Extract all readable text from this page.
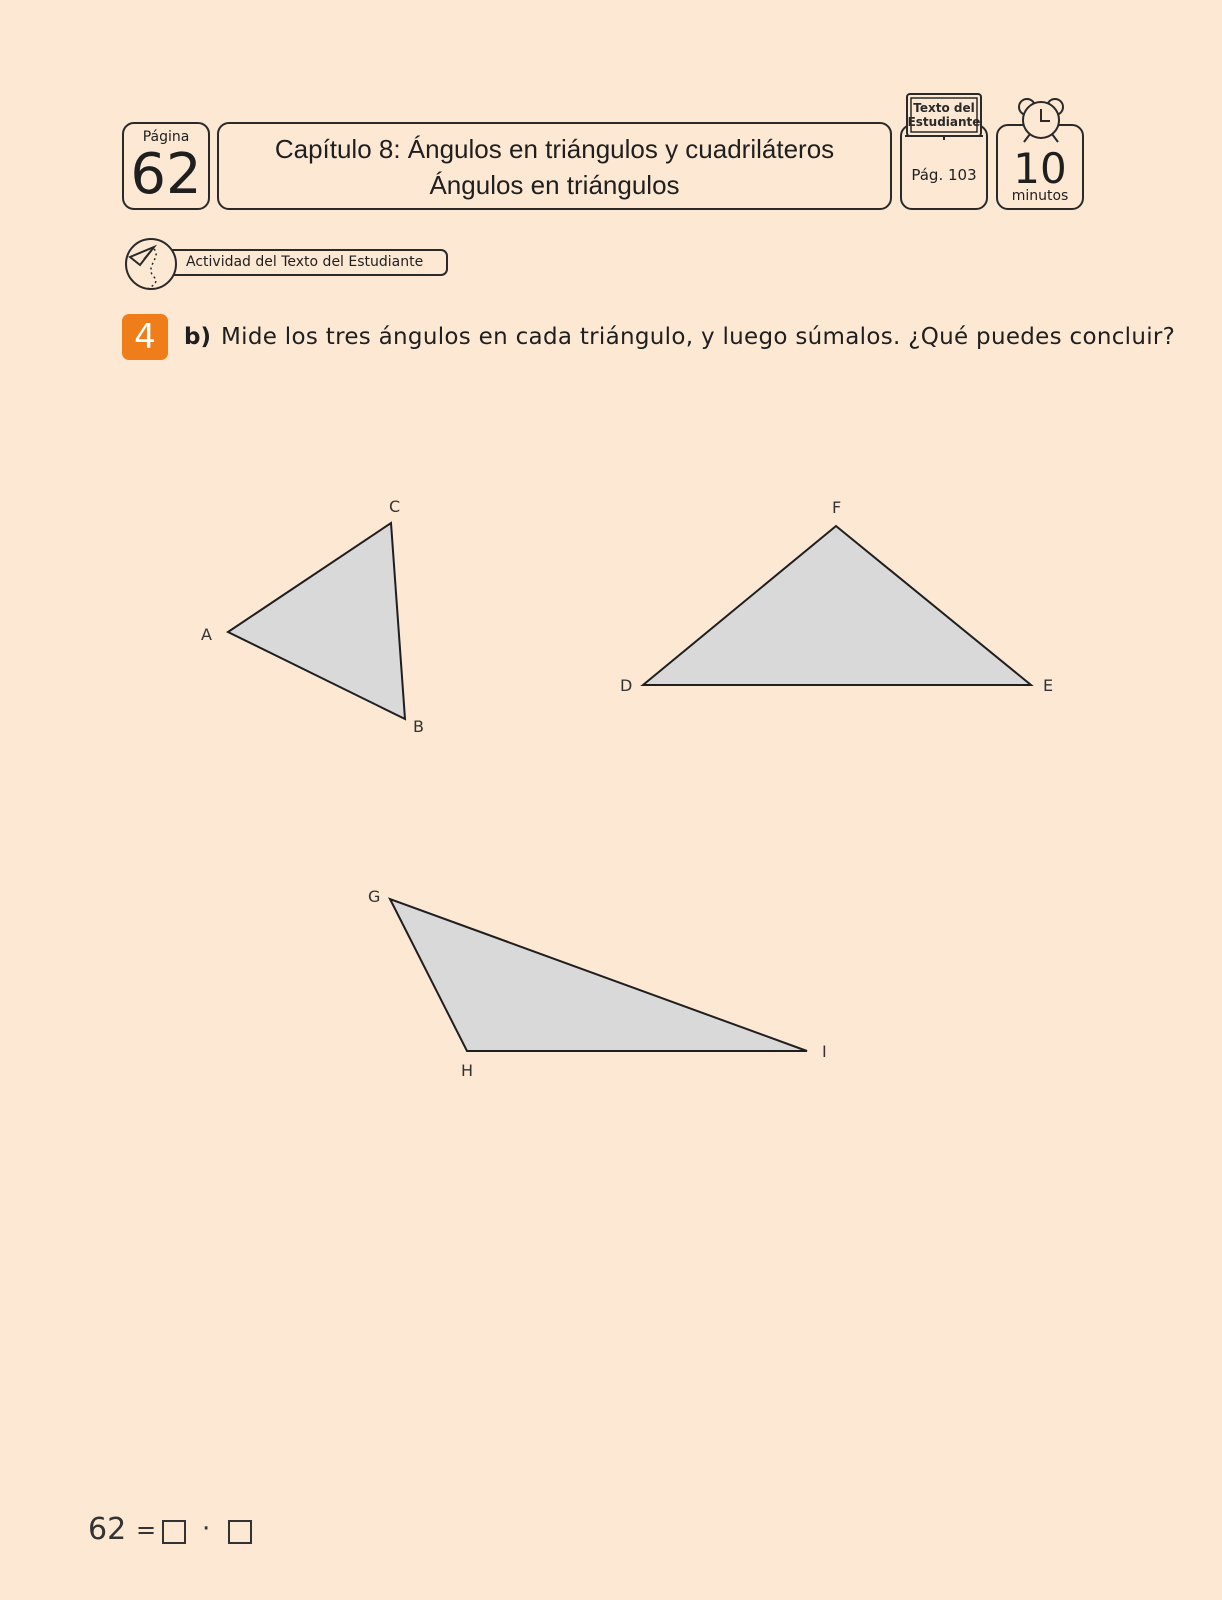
Página
62	Capítulo 8: Ángulos en triángulos y cuadriláteros
Ángulos en triángulos	Pág. 103
Texto del
Estudiante
10
minutos
Actividad del Texto del Estudiante
4	b) Mide los tres ángulos en cada triángulo, y luego súmalos. ¿Qué puedes concluir?
A
B
C
D	E
F
G
H
I
62 = ·
